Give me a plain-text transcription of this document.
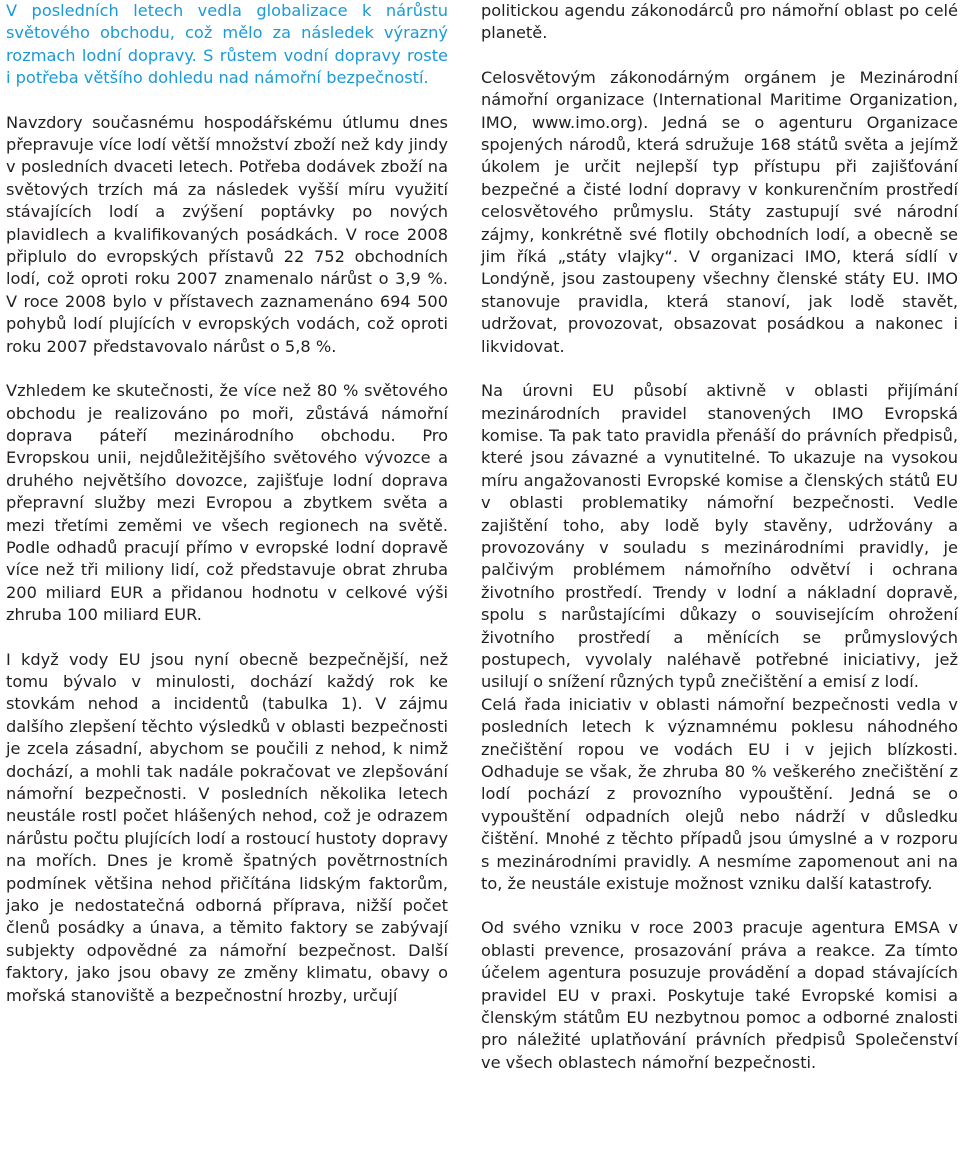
V posledních letech vedla globalizace k nárůstu světového obchodu, což mělo za následek výrazný rozmach lodní dopravy. S růstem vodní dopravy roste i potřeba většího dohledu nad námořní bezpečností.

Navzdory současnému hospodářskému útlumu dnes přepravuje více lodí větší množství zboží než kdy jindy v posledních dvaceti letech. Potřeba dodávek zboží na světových trzích má za následek vyšší míru využití stávajících lodí a zvýšení poptávky po nových plavidlech a kvalifikovaných posádkách. V roce 2008 připlulo do evropských přístavů 22 752 obchodních lodí, což oproti roku 2007 znamenalo nárůst o 3,9 %. V roce 2008 bylo v přístavech zaznamenáno 694 500 pohybů lodí plujících v evropských vodách, což oproti roku 2007 představovalo nárůst o 5,8 %.

Vzhledem ke skutečnosti, že více než 80 % světového obchodu je realizováno po moři, zůstává námořní doprava páteří mezinárodního obchodu. Pro Evropskou unii, nejdůležitějšího světového vývozce a druhého největšího dovozce, zajišťuje lodní doprava přepravní služby mezi Evropou a zbytkem světa a mezi třetími zeměmi ve všech regionech na světě. Podle odhadů pracují přímo v evropské lodní dopravě více než tři miliony lidí, což představuje obrat zhruba 200 miliard EUR a přidanou hodnotu v celkové výši zhruba 100 miliard EUR.

I když vody EU jsou nyní obecně bezpečnější, než tomu bývalo v minulosti, dochází každý rok ke stovkám nehod a incidentů (tabulka 1). V zájmu dalšího zlepšení těchto výsledků v oblasti bezpečnosti je zcela zásadní, abychom se poučili z nehod, k nimž dochází, a mohli tak nadále pokračovat ve zlepšování námořní bezpečnosti. V posledních několika letech neustále rostl počet hlášených nehod, což je odrazem nárůstu počtu plujících lodí a rostoucí hustoty dopravy na mořích. Dnes je kromě špatných povětrnostních podmínek většina nehod přičítána lidským faktorům, jako je nedostatečná odborná příprava, nižší počet členů posádky a únava, a těmito faktory se zabývají subjekty odpovědné za námořní bezpečnost. Další faktory, jako jsou obavy ze změny klimatu, obavy o mořská stanoviště a bezpečnostní hrozby, určují

politickou agendu zákonodárců pro námořní oblast po celé planetě.

Celosvětovým zákonodárným orgánem je Mezinárodní námořní organizace (International Maritime Organization, IMO, www.imo.org). Jedná se o agenturu Organizace spojených národů, která sdružuje 168 států světa a jejímž úkolem je určit nejlepší typ přístupu při zajišťování bezpečné a čisté lodní dopravy v konkurenčním prostředí celosvětového průmyslu. Státy zastupují své národní zájmy, konkrétně své flotily obchodních lodí, a obecně se jim říká „státy vlajky“. V organizaci IMO, která sídlí v Londýně, jsou zastoupeny všechny členské státy EU. IMO stanovuje pravidla, která stanoví, jak lodě stavět, udržovat, provozovat, obsazovat posádkou a nakonec i likvidovat.

Na úrovni EU působí aktivně v oblasti přijímání mezinárodních pravidel stanovených IMO Evropská komise. Ta pak tato pravidla přenáší do právních předpisů, které jsou závazné a vynutitelné. To ukazuje na vysokou míru angažovanosti Evropské komise a členských států EU v oblasti problematiky námořní bezpečnosti. Vedle zajištění toho, aby lodě byly stavěny, udržovány a provozovány v souladu s mezinárodními pravidly, je palčivým problémem námořního odvětví i ochrana životního prostředí. Trendy v lodní a nákladní dopravě, spolu s narůstajícími důkazy o souvisejícím ohrožení životního prostředí a měnících se průmyslových postupech, vyvolaly naléhavě potřebné iniciativy, jež usilují o snížení různých typů znečištění a emisí z lodí.

Celá řada iniciativ v oblasti námořní bezpečnosti vedla v posledních letech k významnému poklesu náhodného znečištění ropou ve vodách EU i v jejich blízkosti. Odhaduje se však, že zhruba 80 % veškerého znečištění z lodí pochází z provozního vypouštění. Jedná se o vypouštění odpadních olejů nebo nádrží v důsledku čištění. Mnohé z těchto případů jsou úmyslné a v rozporu s mezinárodními pravidly. A nesmíme zapomenout ani na to, že neustále existuje možnost vzniku další katastrofy.

Od svého vzniku v roce 2003 pracuje agentura EMSA v oblasti prevence, prosazování práva a reakce. Za tímto účelem agentura posuzuje provádění a dopad stávajících pravidel EU v praxi. Poskytuje také Evropské komisi a členským státům EU nezbytnou pomoc a odborné znalosti pro náležité uplatňování právních předpisů Společenství ve všech oblastech námořní bezpečnosti.
